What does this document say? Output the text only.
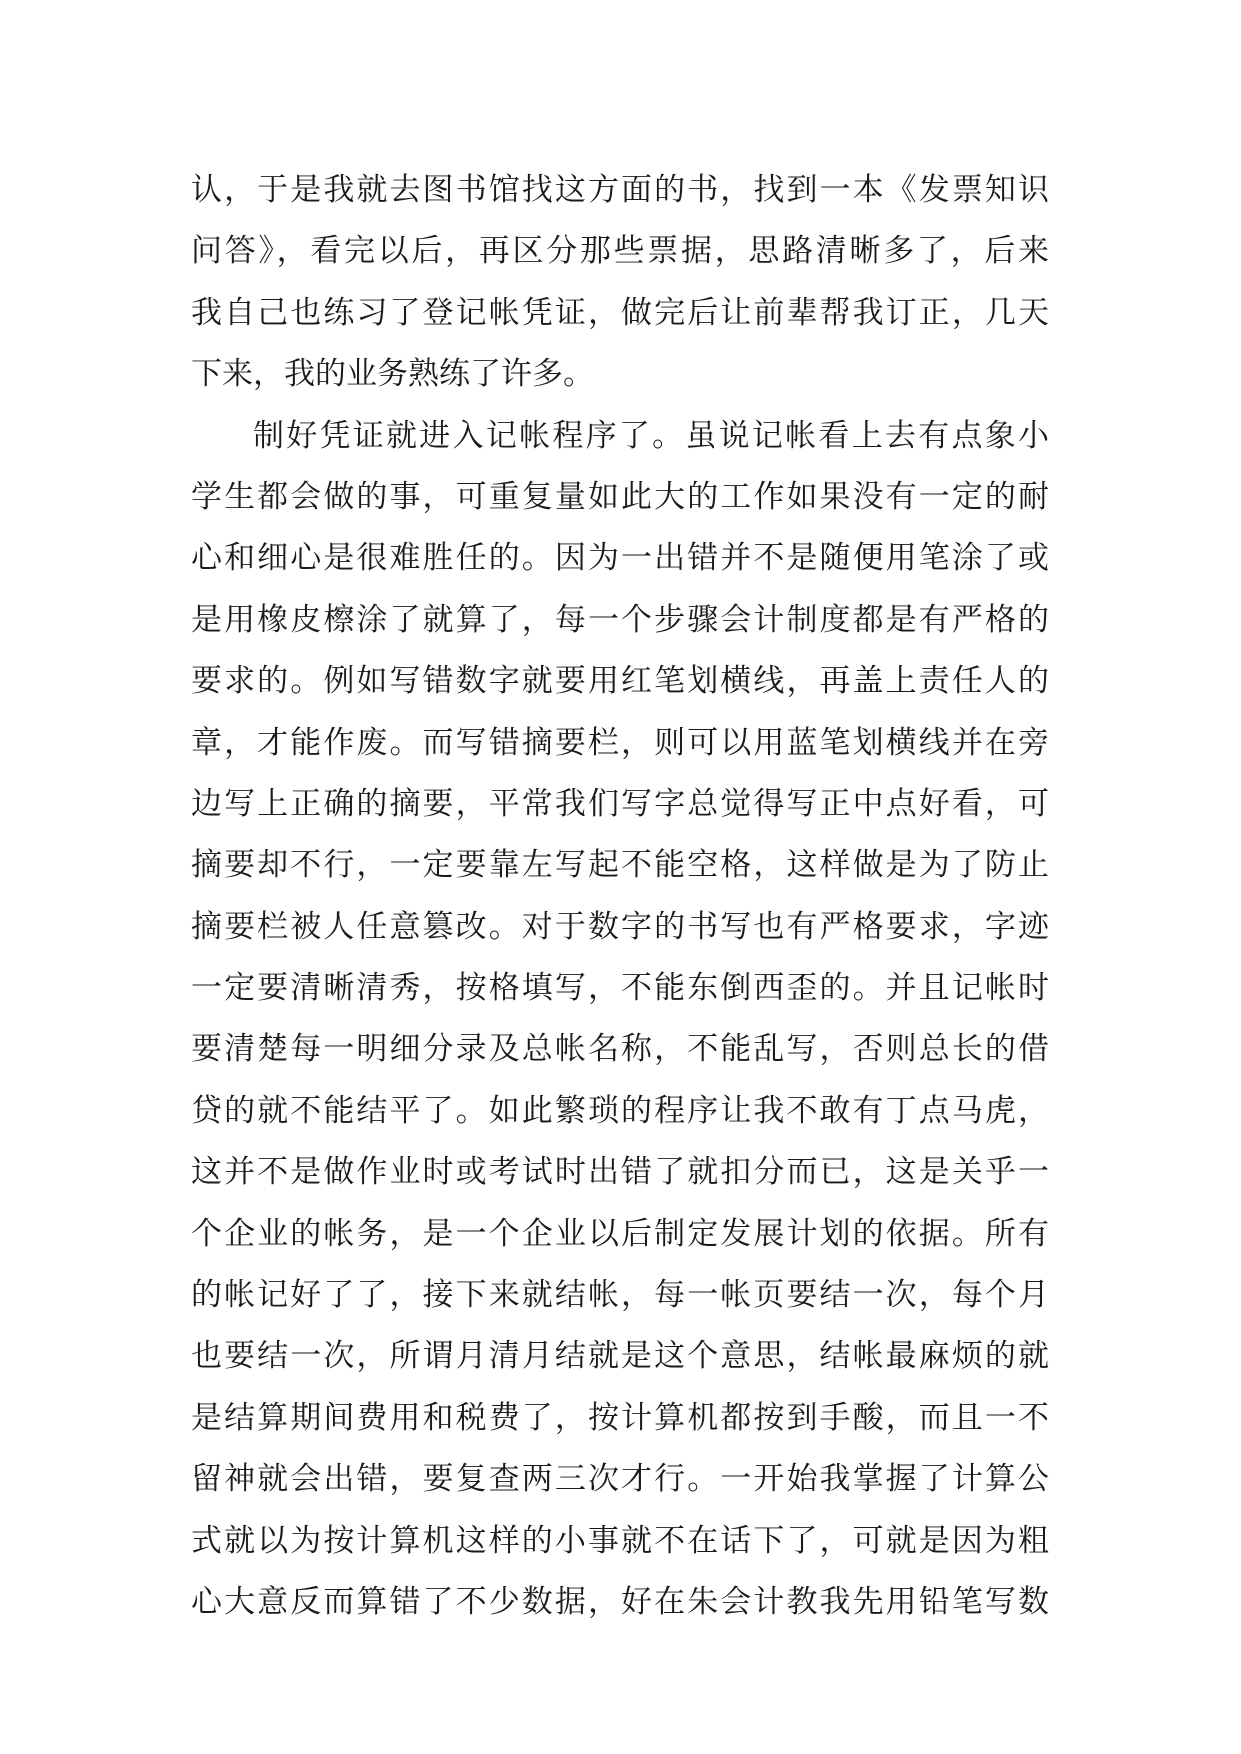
认，于是我就去图书馆找这方面的书，找到一本《发票知识
问答》，看完以后，再区分那些票据，思路清晰多了，后来
我自己也练习了登记帐凭证，做完后让前辈帮我订正，几天
下来，我的业务熟练了许多。
制好凭证就进入记帐程序了。虽说记帐看上去有点象小
学生都会做的事，可重复量如此大的工作如果没有一定的耐
心和细心是很难胜任的。因为一出错并不是随便用笔涂了或
是用橡皮檫涂了就算了，每一个步骤会计制度都是有严格的
要求的。例如写错数字就要用红笔划横线，再盖上责任人的
章，才能作废。而写错摘要栏，则可以用蓝笔划横线并在旁
边写上正确的摘要，平常我们写字总觉得写正中点好看，可
摘要却不行，一定要靠左写起不能空格，这样做是为了防止
摘要栏被人任意篡改。对于数字的书写也有严格要求，字迹
一定要清晰清秀，按格填写，不能东倒西歪的。并且记帐时
要清楚每一明细分录及总帐名称，不能乱写，否则总长的借
贷的就不能结平了。如此繁琐的程序让我不敢有丁点马虎，
这并不是做作业时或考试时出错了就扣分而已，这是关乎一
个企业的帐务，是一个企业以后制定发展计划的依据。所有
的帐记好了了，接下来就结帐，每一帐页要结一次，每个月
也要结一次，所谓月清月结就是这个意思，结帐最麻烦的就
是结算期间费用和税费了，按计算机都按到手酸，而且一不
留神就会出错，要复查两三次才行。一开始我掌握了计算公
式就以为按计算机这样的小事就不在话下了，可就是因为粗
心大意反而算错了不少数据，好在朱会计教我先用铅笔写数
